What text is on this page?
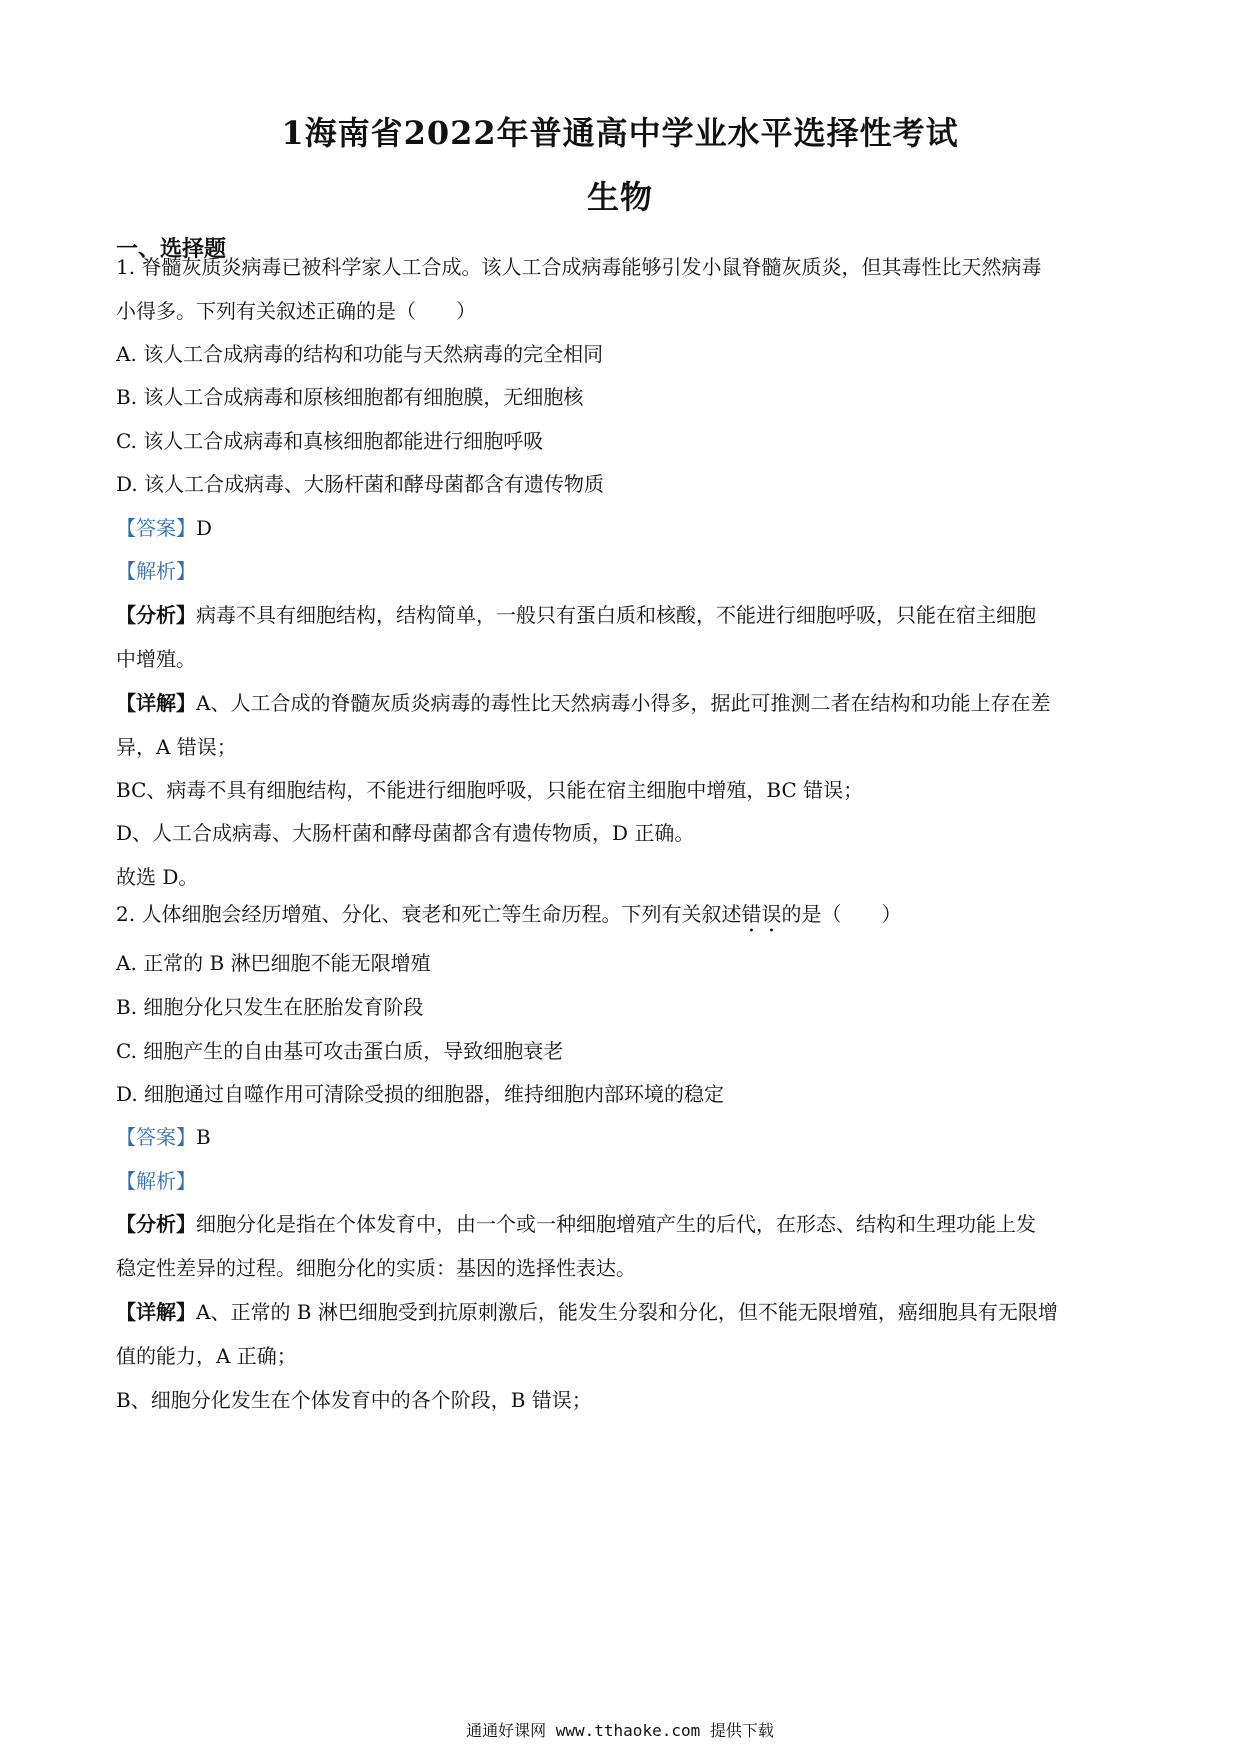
1海南省2022年普通高中学业水平选择性考试
生物
一、选择题
1. 脊髓灰质炎病毒已被科学家人工合成。该人工合成病毒能够引发小鼠脊髓灰质炎，但其毒性比天然病毒
小得多。下列有关叙述正确的是（　　）
A. 该人工合成病毒的结构和功能与天然病毒的完全相同
B. 该人工合成病毒和原核细胞都有细胞膜，无细胞核
C. 该人工合成病毒和真核细胞都能进行细胞呼吸
D. 该人工合成病毒、大肠杆菌和酵母菌都含有遗传物质
【答案】D
【解析】
【分析】病毒不具有细胞结构，结构简单，一般只有蛋白质和核酸，不能进行细胞呼吸，只能在宿主细胞
中增殖。
【详解】A、人工合成的脊髓灰质炎病毒的毒性比天然病毒小得多，据此可推测二者在结构和功能上存在差
异，A 错误；
BC、病毒不具有细胞结构，不能进行细胞呼吸，只能在宿主细胞中增殖，BC 错误；
D、人工合成病毒、大肠杆菌和酵母菌都含有遗传物质，D 正确。
故选 D。
2. 人体细胞会经历增殖、分化、衰老和死亡等生命历程。下列有关叙述错误的是（　　）
A. 正常的 B 淋巴细胞不能无限增殖
B. 细胞分化只发生在胚胎发育阶段
C. 细胞产生的自由基可攻击蛋白质，导致细胞衰老
D. 细胞通过自噬作用可清除受损的细胞器，维持细胞内部环境的稳定
【答案】B
【解析】
【分析】细胞分化是指在个体发育中，由一个或一种细胞增殖产生的后代，在形态、结构和生理功能上发
稳定性差异的过程。细胞分化的实质：基因的选择性表达。
【详解】A、正常的 B 淋巴细胞受到抗原刺激后，能发生分裂和分化，但不能无限增殖，癌细胞具有无限增
值的能力，A 正确；
B、细胞分化发生在个体发育中的各个阶段，B 错误；
通通好课网 www.tthaoke.com 提供下载
